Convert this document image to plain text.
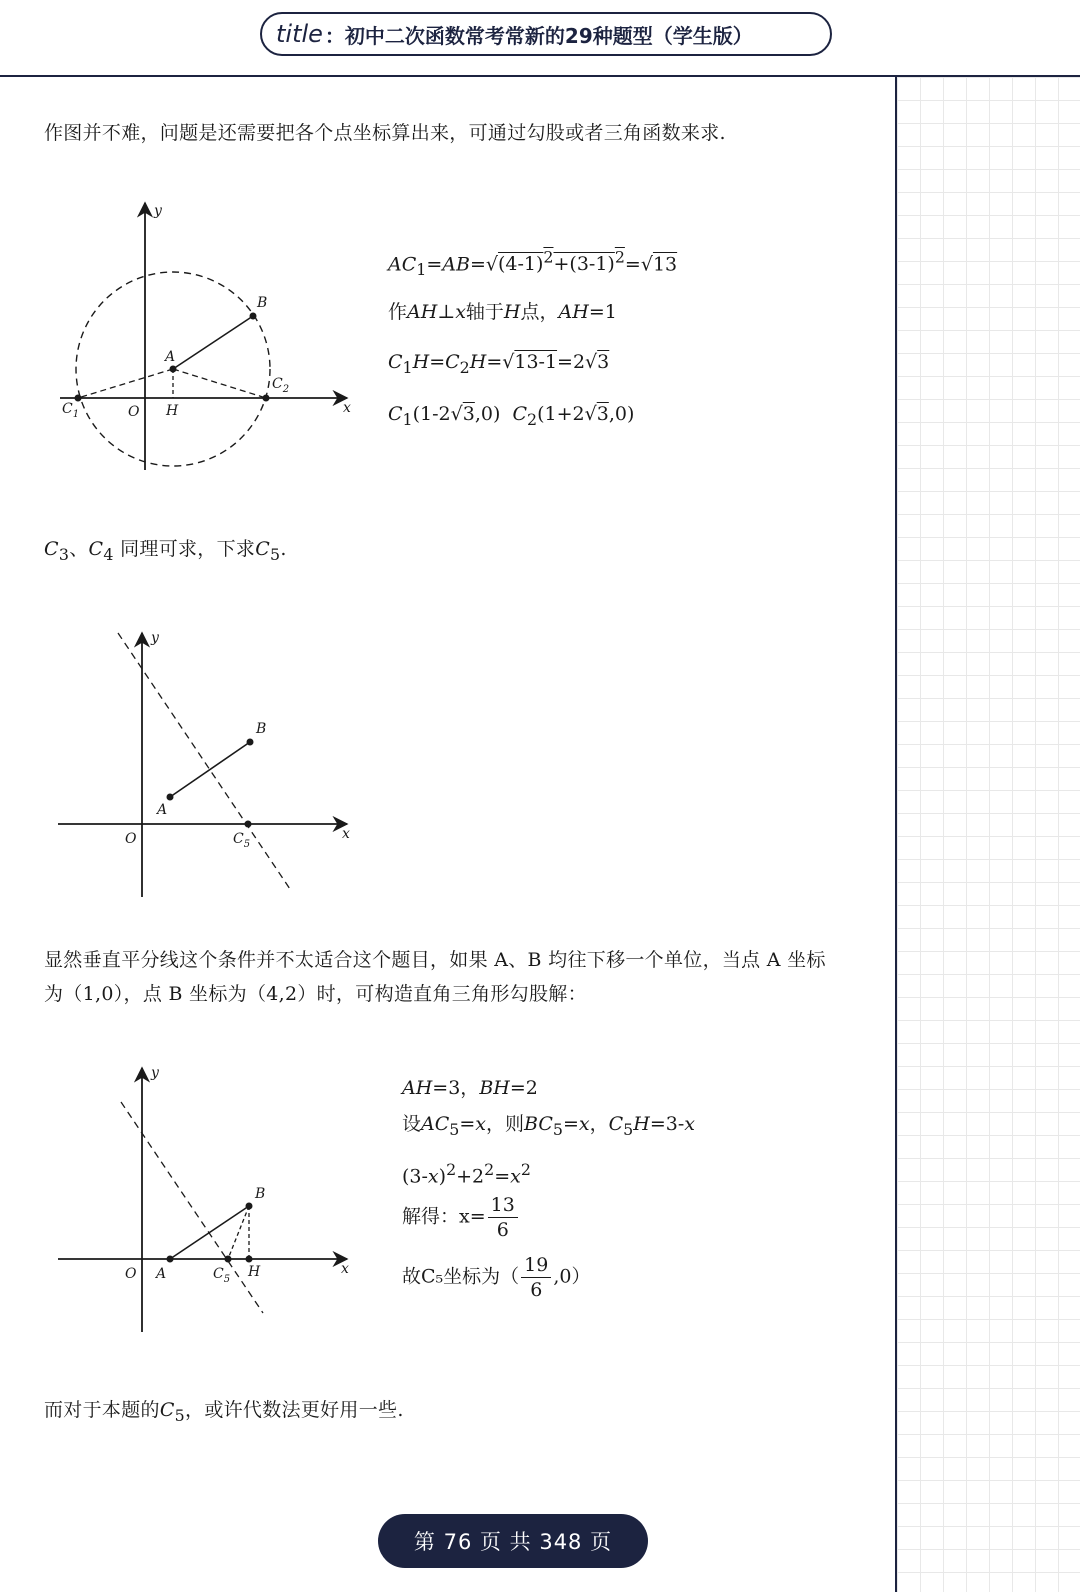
title ：初中二次函数常考常新的29种题型（学生版）
作图并不难，问题是还需要把各个点坐标算出来，可通过勾股或者三角函数来求.
y
x
A
B
O H
$C_1$
$C_2$
$AC_1=AB=√(4-1)^2+(3-1)^2=√13$
作AH⊥x轴于H点，AH=1
$C_1H=C_2H=√13-1=2√3$
$C_1(1-2√3,0)$  $C_2(1+2√3,0)$
$C_3$、$C_4$ 同理可求，下求$C_5$.
y
x
A
B
O	$C_5$
显然垂直平分线这个条件并不太适合这个题目，如果 A、B 均往下移一个单位，当点 A 坐标
为（1,0），点 B 坐标为（4,2）时，可构造直角三角形勾股解：
y
x
A
B
O	H
$C_5$
AH=3，BH=2
设$AC_5=x$，则$BC_5=x$，$C_5H=3-x$
$(3-x)^2+2^2=x^2$
解得：$x= \frac{13}{6}$
故C₅坐标为（ $\frac{19}{6} ,0$）
而对于本题的$C_5$，或许代数法更好用一些.
第 76 页 共 348 页
